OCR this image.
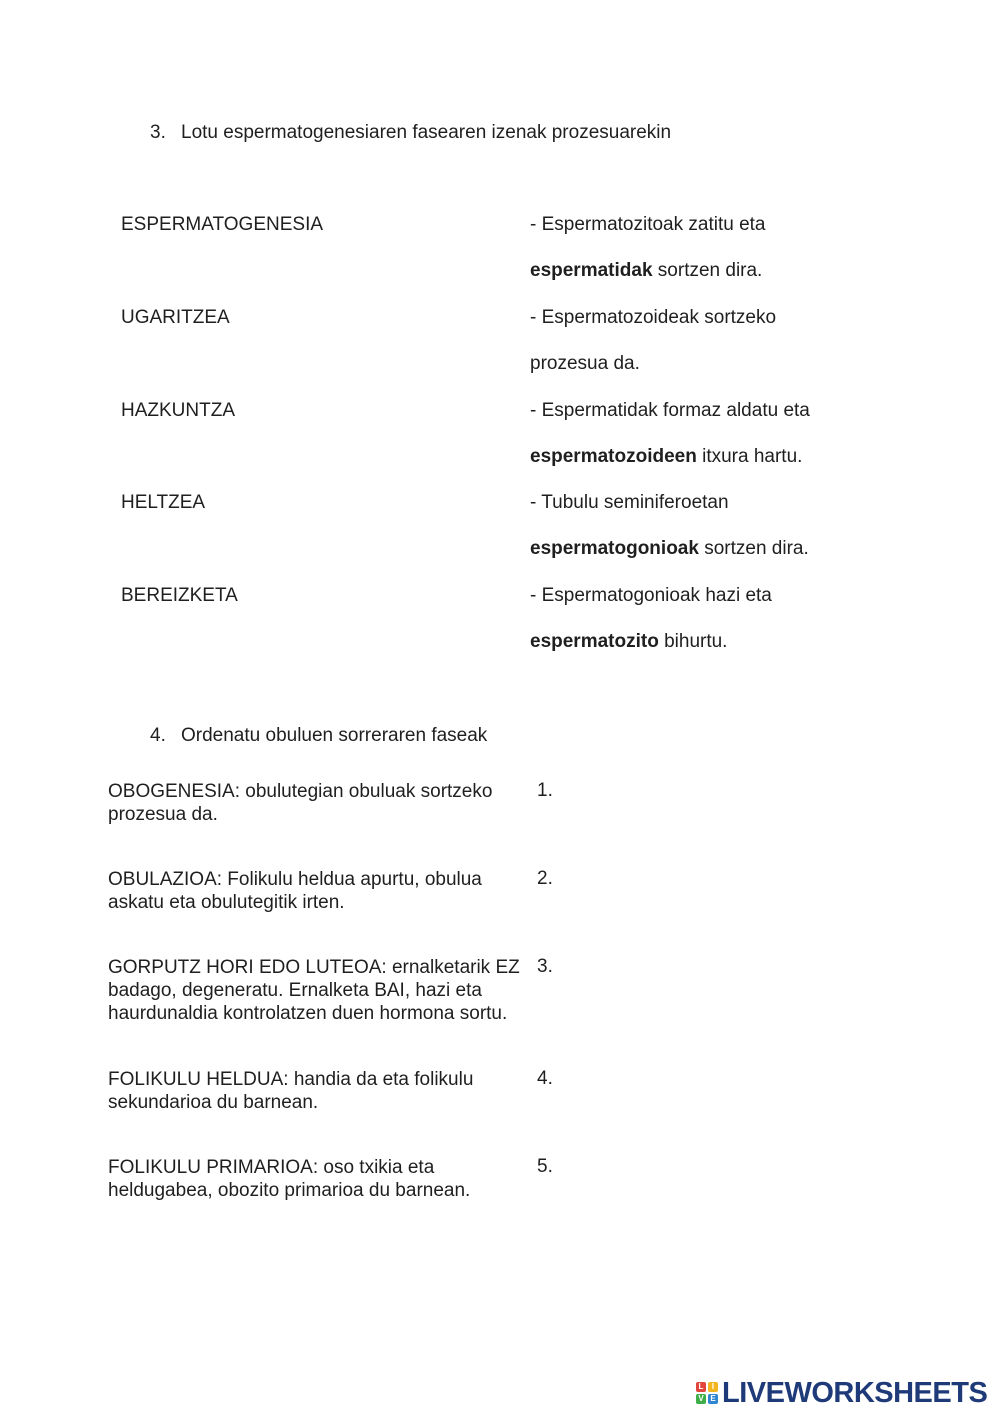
3. Lotu espermatogenesiaren fasearen izenak prozesuarekin
ESPERMATOGENESIA
UGARITZEA
HAZKUNTZA
HELTZEA
BEREIZKETA
- Espermatozitoak zatitu eta
espermatidak sortzen dira.
- Espermatozoideak sortzeko
prozesua da.
- Espermatidak formaz aldatu eta
espermatozoideen itxura hartu.
- Tubulu seminiferoetan
espermatogonioak sortzen dira.
- Espermatogonioak hazi eta
espermatozito bihurtu.
4. Ordenatu obuluen sorreraren faseak
OBOGENESIA: obulutegian obuluak sortzeko prozesua da.
1.
OBULAZIOA: Folikulu heldua apurtu, obulua askatu eta obulutegitik irten.
2.
GORPUTZ HORI EDO LUTEOA: ernalketarik EZ badago, degeneratu. Ernalketa BAI, hazi eta haurdunaldia kontrolatzen duen hormona sortu.
3.
FOLIKULU HELDUA: handia da eta folikulu sekundarioa du barnean.
4.
FOLIKULU PRIMARIOA: oso txikia eta heldugabea, obozito primarioa du barnean.
5.
L	I
V E LIVEWORKSHEETS
